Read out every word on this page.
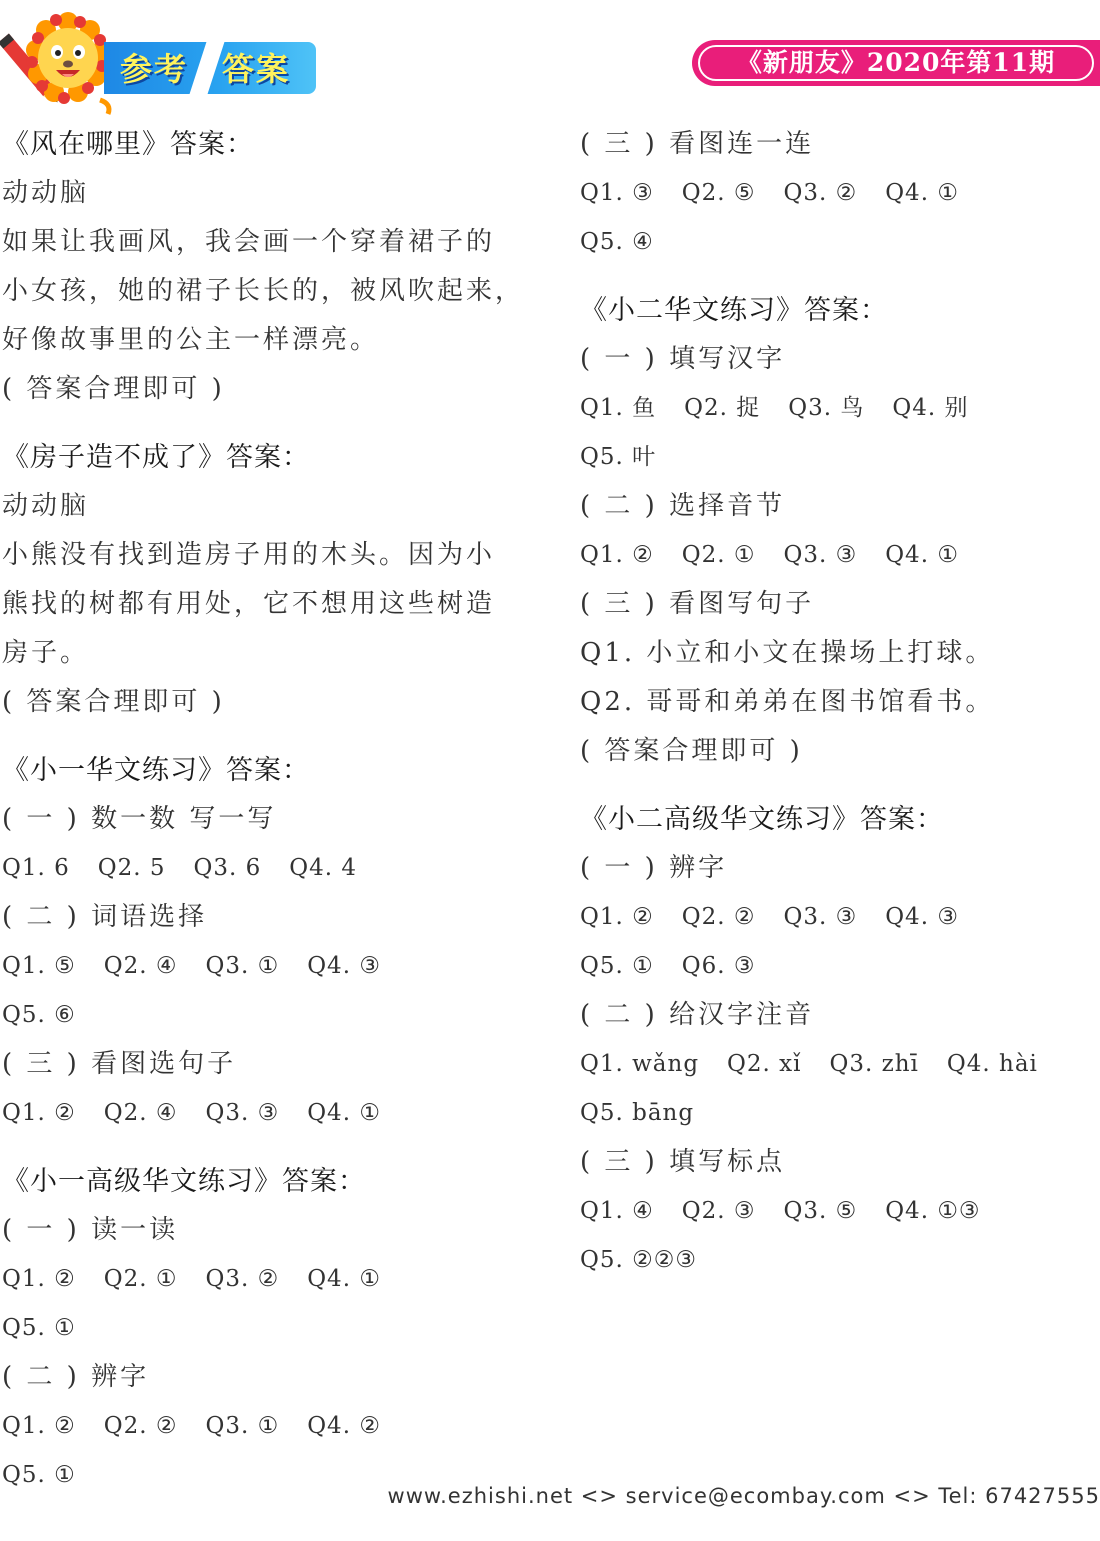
参考 答案	《新朋友》2020年第11期
《风在哪里》答案：
动动脑
如果让我画风，我会画一个穿着裙子的
小女孩，她的裙子长长的，被风吹起来，
好像故事里的公主一样漂亮。
( 答案合理即可 )
《房子造不成了》答案：
动动脑
小熊没有找到造房子用的木头。因为小
熊找的树都有用处，它不想用这些树造
房子。
( 答案合理即可 )
《小一华文练习》答案：
( 一 ) 数一数 写一写
Q1. 6 Q2. 5 Q3. 6 Q4. 4
( 二 ) 词语选择
Q1. ⑤ Q2. ④ Q3. ① Q4. ③
Q5. ⑥
( 三 ) 看图选句子
Q1. ② Q2. ④ Q3. ③ Q4. ①
《小一高级华文练习》答案：
( 一 ) 读一读
Q1. ② Q2. ① Q3. ② Q4. ①
Q5. ①
( 二 ) 辨字
Q1. ② Q2. ② Q3. ① Q4. ②
Q5. ①
( 三 ) 看图连一连
Q1. ③ Q2. ⑤ Q3. ② Q4. ①
Q5. ④
《小二华文练习》答案：
( 一 ) 填写汉字
Q1. 鱼 Q2. 捉 Q3. 鸟 Q4. 别
Q5. 叶
( 二 ) 选择音节
Q1. ② Q2. ① Q3. ③ Q4. ①
( 三 ) 看图写句子
Q1. 小立和小文在操场上打球。
Q2. 哥哥和弟弟在图书馆看书。
( 答案合理即可 )
《小二高级华文练习》答案：
( 一 ) 辨字
Q1. ② Q2. ② Q3. ③ Q4. ③
Q5. ① Q6. ③
( 二 ) 给汉字注音
Q1. wǎng Q2. xǐ Q3. zhī Q4. hài
Q5. bāng
( 三 ) 填写标点
Q1. ④ Q2. ③ Q3. ⑤ Q4. ①③
Q5. ②②③
www.ezhishi.net <> service@ecombay.com <> Tel: 67427555
